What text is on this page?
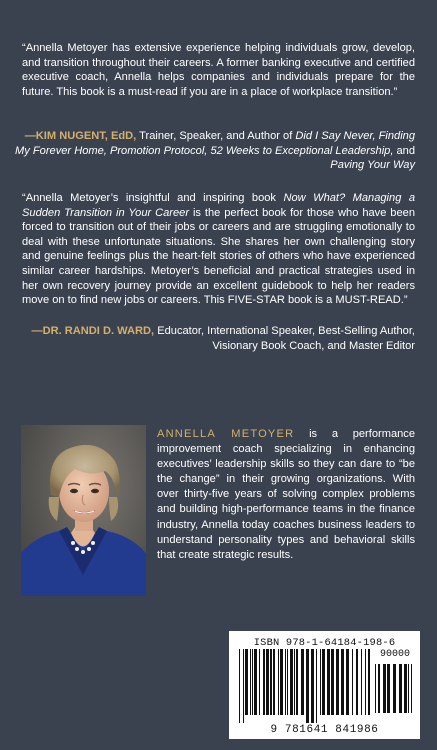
“Annella Metoyer has extensive experience helping individuals grow, develop, and transition throughout their careers. A former banking executive and certified executive coach, Annella helps companies and individuals prepare for the future. This book is a must-read if you are in a place of workplace transition.”

—KIM NUGENT, EdD, Trainer, Speaker, and Author of Did I Say Never, Finding My Forever Home, Promotion Protocol, 52 Weeks to Exceptional Leadership, and Paving Your Way

“Annella Metoyer’s insightful and inspiring book Now What? Managing a Sudden Transition in Your Career is the perfect book for those who have been forced to transition out of their jobs or careers and are struggling emotionally to deal with these unfortunate situations. She shares her own challenging story and genuine feelings plus the heart-felt stories of others who have experienced similar career hardships. Metoyer’s beneficial and practical strategies used in her own recovery journey provide an excellent guidebook to help her readers move on to find new jobs or careers. This FIVE-STAR book is a MUST-READ.”

—DR. RANDI D. WARD, Educator, International Speaker, Best-Selling Author, Visionary Book Coach, and Master Editor

ANNELLA METOYER is a performance improvement coach specializing in enhancing executives’ leadership skills so they can dare to “be the change” in their growing organizations. With over thirty-five years of solving complex problems and building high-performance teams in the finance industry, Annella today coaches business leaders to understand personality types and behavioral skills that create strategic results.

ISBN 978-1-64184-198-6
90000
9 781641 841986
